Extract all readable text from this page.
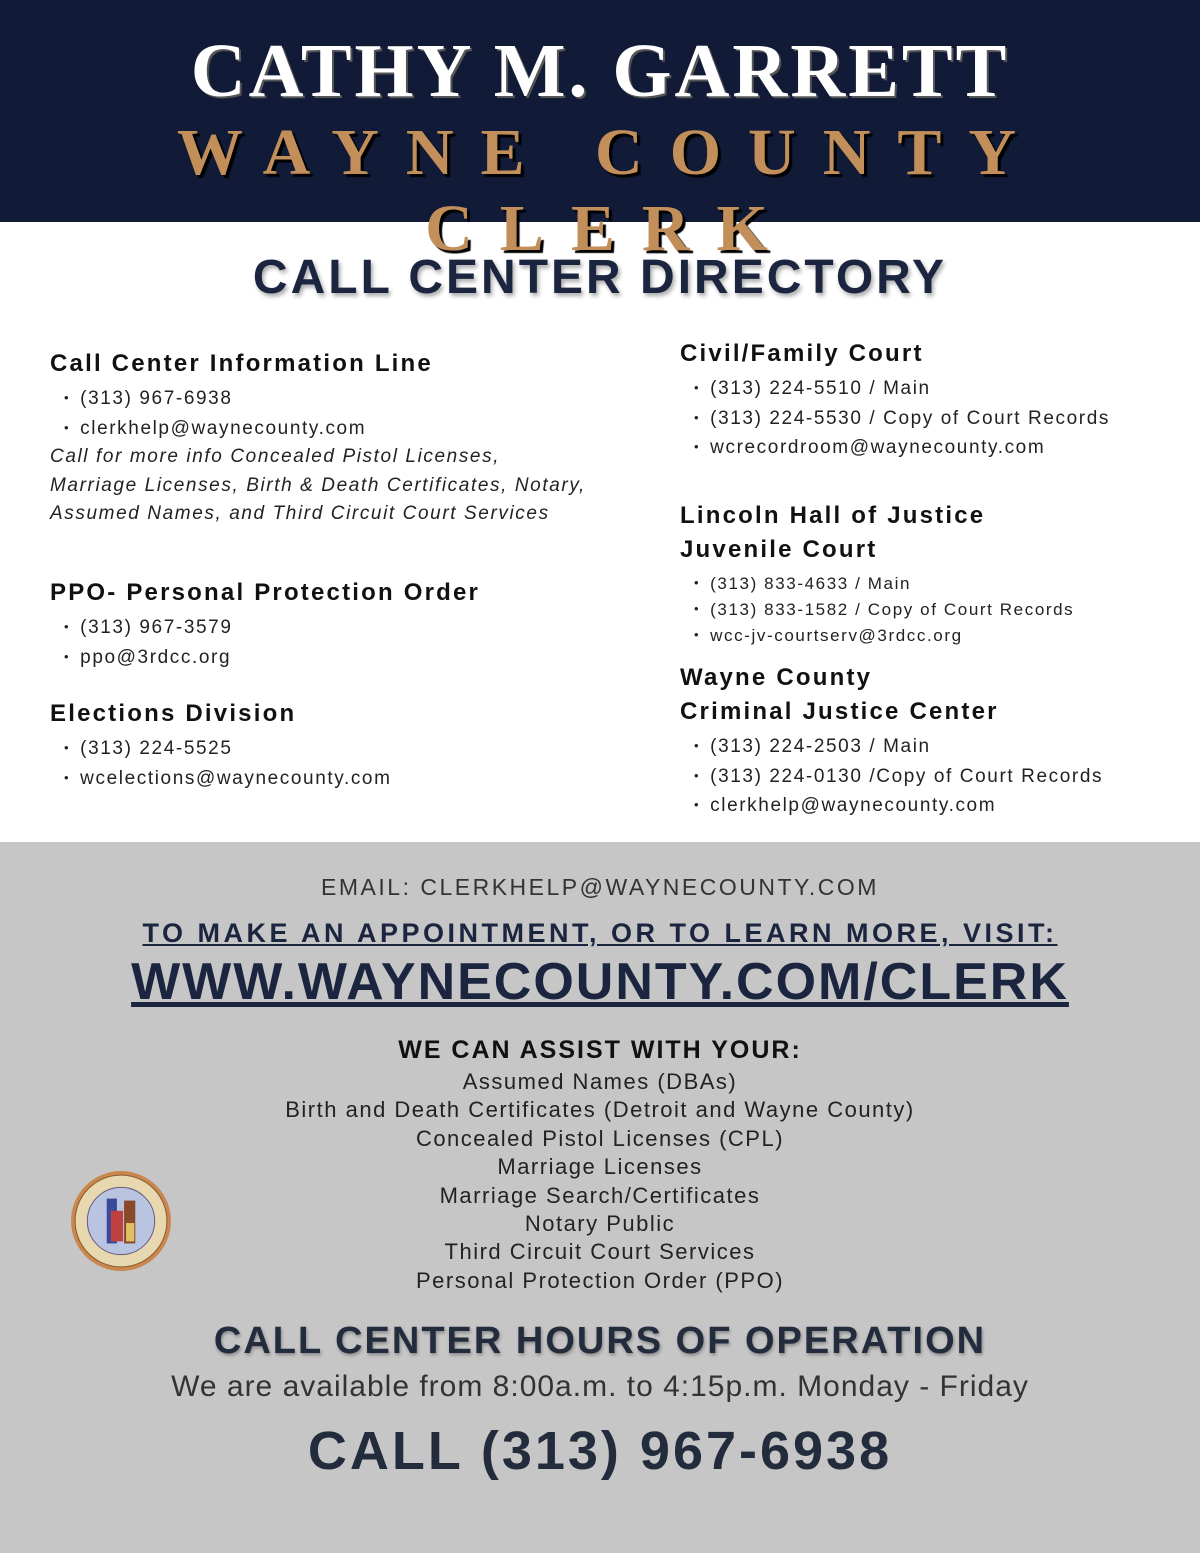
CATHY M. GARRETT
WAYNE COUNTY CLERK
CALL CENTER DIRECTORY
Call Center Information Line
• (313) 967-6938
• clerkhelp@waynecounty.com

Call for more info Concealed Pistol Licenses, Marriage Licenses, Birth & Death Certificates, Notary, Assumed Names, and Third Circuit Court Services

PPO- Personal Protection Order
• (313) 967-3579
• ppo@3rdcc.org
Elections Division
• (313) 224-5525
• wcelections@waynecounty.com
Civil/Family Court
• (313) 224-5510 / Main
• (313) 224-5530 / Copy of Court Records
• wcrecordroom@waynecounty.com
Lincoln Hall of Justice
Juvenile Court
• (313) 833-4633 / Main
• (313) 833-1582 / Copy of Court Records
• wcc-jv-courtserv@3rdcc.org
Wayne County
Criminal Justice Center
• (313) 224-2503 / Main
• (313) 224-0130 /Copy of Court Records
• clerkhelp@waynecounty.com
EMAIL: CLERKHELP@WAYNECOUNTY.COM
TO MAKE AN APPOINTMENT, OR TO LEARN MORE, VISIT:
WWW.WAYNECOUNTY.COM/CLERK
WE CAN ASSIST WITH YOUR:
Assumed Names (DBAs)
Birth and Death Certificates (Detroit and Wayne County)
Concealed Pistol Licenses (CPL)
Marriage Licenses
Marriage Search/Certificates
Notary Public
Third Circuit Court Services
Personal Protection Order (PPO)
CALL CENTER HOURS OF OPERATION
We are available from 8:00a.m. to 4:15p.m. Monday - Friday
CALL (313) 967-6938
